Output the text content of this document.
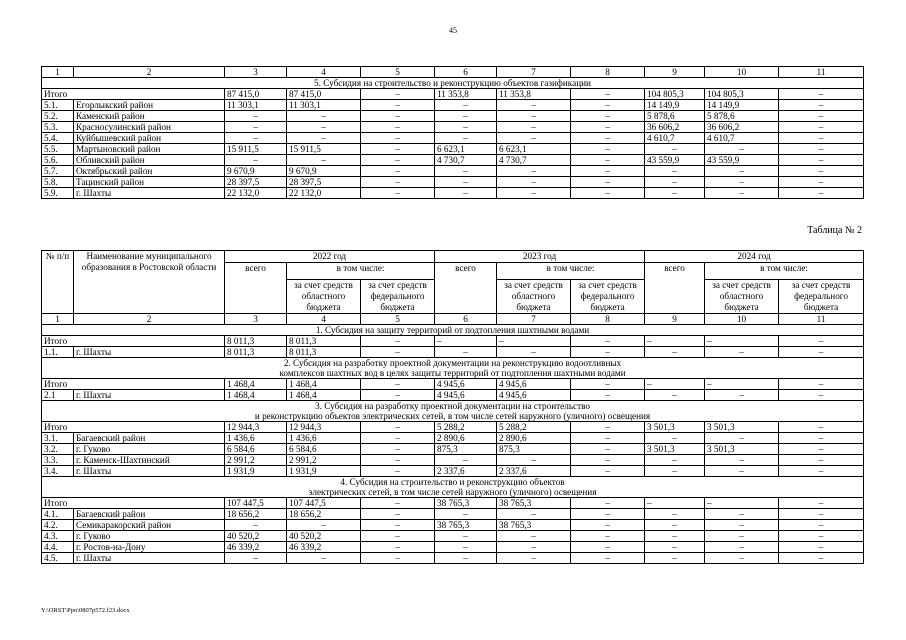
45
1	2	3	4	5	6	7	8	9	10	11
5. Субсидия на строительство и реконструкцию объектов газификации										
Итого		87 415,0	87 415,0	–	11 353,8	11 353,8	–	104 805,3	104 805,3	–
5.1.	Егорлыкский район	11 303,1	11 303,1	–	–	–	–	14 149,9	14 149,9	–
5.2.	Каменский район	–	–	–	–	–	–	5 878,6	5 878,6	–
5.3.	Красносулинский район	–	–	–	–	–	–	36 606,2	36 606,2	–
5.4.	Куйбышевский район	–	–	–	–	–	–	4 610,7	4 610,7	–
5.5.	Мартыновский район	15 911,5	15 911,5	–	6 623,1	6 623,1	–	–	–	–
5.6.	Обливский район	–	–	–	4 730,7	4 730,7	–	43 559,9	43 559,9	–
5.7.	Октябрьский район	9 670,9	9 670,9	–	–	–	–	–	–	–
5.8.	Тацинский район	28 397,5	28 397,5	–	–	–	–	–	–	–
5.9.	г. Шахты	22 132,0	22 132,0	–	–	–	–	–	–	–
Таблица № 2
№ п/п	Наименование муниципального образования в Ростовской области	2022 год			2023 год			2024 год		
		всего	в том числе:		всего	в том числе:		всего	в том числе:	
			за счет средств областного бюджета	за счет средств федерального бюджета		за счет средств областного бюджета	за счет средств федерального бюджета		за счет средств областного бюджета	за счет средств федерального бюджета
1	2	3	4	5	6	7	8	9	10	11
1. Субсидия на защиту территорий от подтопления шахтными водами										
Итого		8 011,3	8 011,3	–	–	–	–	–	–	–
1.1.	г. Шахты	8 011,3	8 011,3	–	–	–	–	–	–	–
2. Субсидия на разработку проектной документации на реконструкцию водоотливных										
комплексов шахтных вод в целях защиты территорий от подтопления шахтными водами										
Итого		1 468,4	1 468,4	–	4 945,6	4 945,6	–	–	–	–
2.1	г. Шахты	1 468,4	1 468,4	–	4 945,6	4 945,6	–	–	–	–
3. Субсидия на разработку проектной документации на строительство										
и реконструкцию объектов электрических сетей, в том числе сетей наружного (уличного) освещения										
Итого		12 944,3	12 944,3	–	5 288,2	5 288,2	–	3 501,3	3 501,3	–
3.1.	Багаевский район	1 436,6	1 436,6	–	2 890,6	2 890,6	–	–	–	–
3.2.	г. Гуково	6 584,6	6 584,6	–	875,3	875,3	–	3 501,3	3 501,3	–
3.3.	г. Каменск-Шахтинский	2 991,2	2 991,2	–	–	–	–	–	–	–
3.4.	г. Шахты	1 931,9	1 931,9	–	2 337,6	2 337,6	–	–	–	–
4. Субсидия на строительство и реконструкцию объектов										
электрических сетей, в том числе сетей наружного (уличного) освещения										
Итого		107 447,5	107 447,5	–	38 765,3	38 765,3	–	–	–	–
4.1.	Багаевский район	18 656,2	18 656,2	–	–	–	–	–	–	–
4.2.	Семикаракорский район	–	–	–	38 765,3	38 765,3	–	–	–	–
4.3.	г. Гуково	40 520,2	40 520,2	–	–	–	–	–	–	–
4.4.	г. Ростов-на-Дону	46 339,2	46 339,2	–	–	–	–	–	–	–
4.5.	г. Шахты	–	–	–	–	–	–	–	–	–
Y:\ORST\Ppo\0807p572.f23.docx
